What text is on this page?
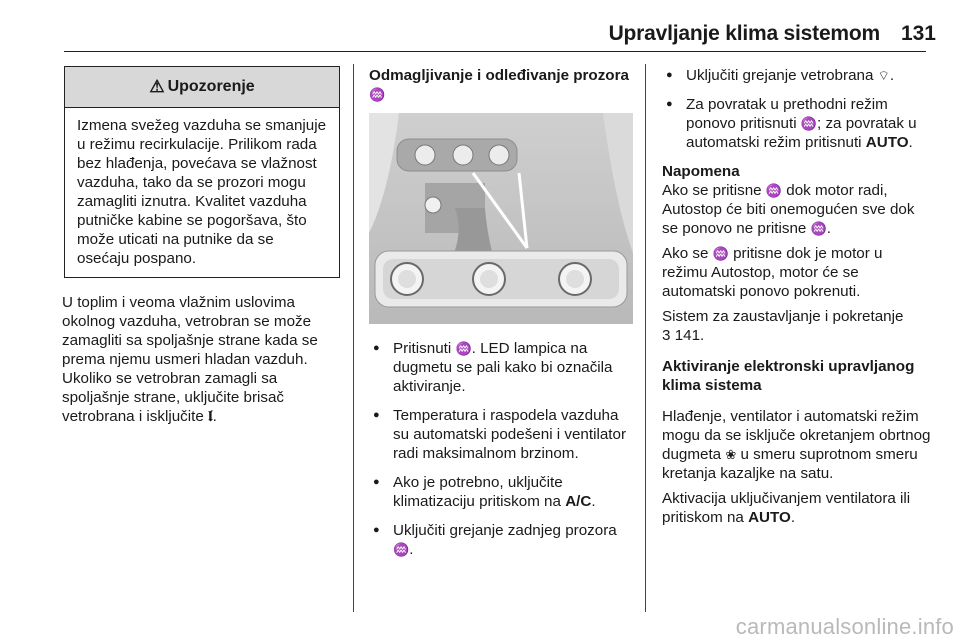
Upravljanje klima sistemom 131
⚠ Upozorenje
Izmena svežeg vazduha se smanjuje u režimu recirkulacije. Prilikom rada bez hlađenja, povećava se vlažnost vazduha, tako da se prozori mogu zamagliti iznutra. Kvalitet vazduha putničke kabine se pogoršava, što može uticati na putnike da se osećaju pospano.

U toplim i veoma vlažnim uslovima okolnog vazduha, vetrobran se može zamagliti sa spoljašnje strane kada se prema njemu usmeri hladan vazduh. Ukoliko se vetrobran zamagli sa spoljašnje strane, uključite brisač vetrobrana i isključite 𝖑.

Odmagljivanje i odleđivanje prozora ♒

● Pritisnuti ♒. LED lampica na dugmetu se pali kako bi označila aktiviranje.
● Temperatura i raspodela vazduha su automatski podešeni i ventilator radi maksimalnom brzinom.
● Ako je potrebno, uključite klimatizaciju pritiskom na A/C.
● Uključiti grejanje zadnjeg prozora ♒.
● Uključiti grejanje vetrobrana ⌔.
● Za povratak u prethodni režim ponovo pritisnuti ♒; za povratak u automatski režim pritisnuti AUTO.

Napomena
Ako se pritisne ♒ dok motor radi, Autostop će biti onemogućen sve dok se ponovo ne pritisne ♒.

Ako se ♒ pritisne dok je motor u režimu Autostop, motor će se automatski ponovo pokrenuti.

Sistem za zaustavljanje i pokretanje
3 141.

Aktiviranje elektronski upravljanog klima sistema

Hlađenje, ventilator i automatski režim mogu da se isključe okretanjem obrtnog dugmeta ❀ u smeru suprotnom smeru kretanja kazaljke na satu.

Aktivacija uključivanjem ventilatora ili pritiskom na AUTO.

carmanualsonline.info
